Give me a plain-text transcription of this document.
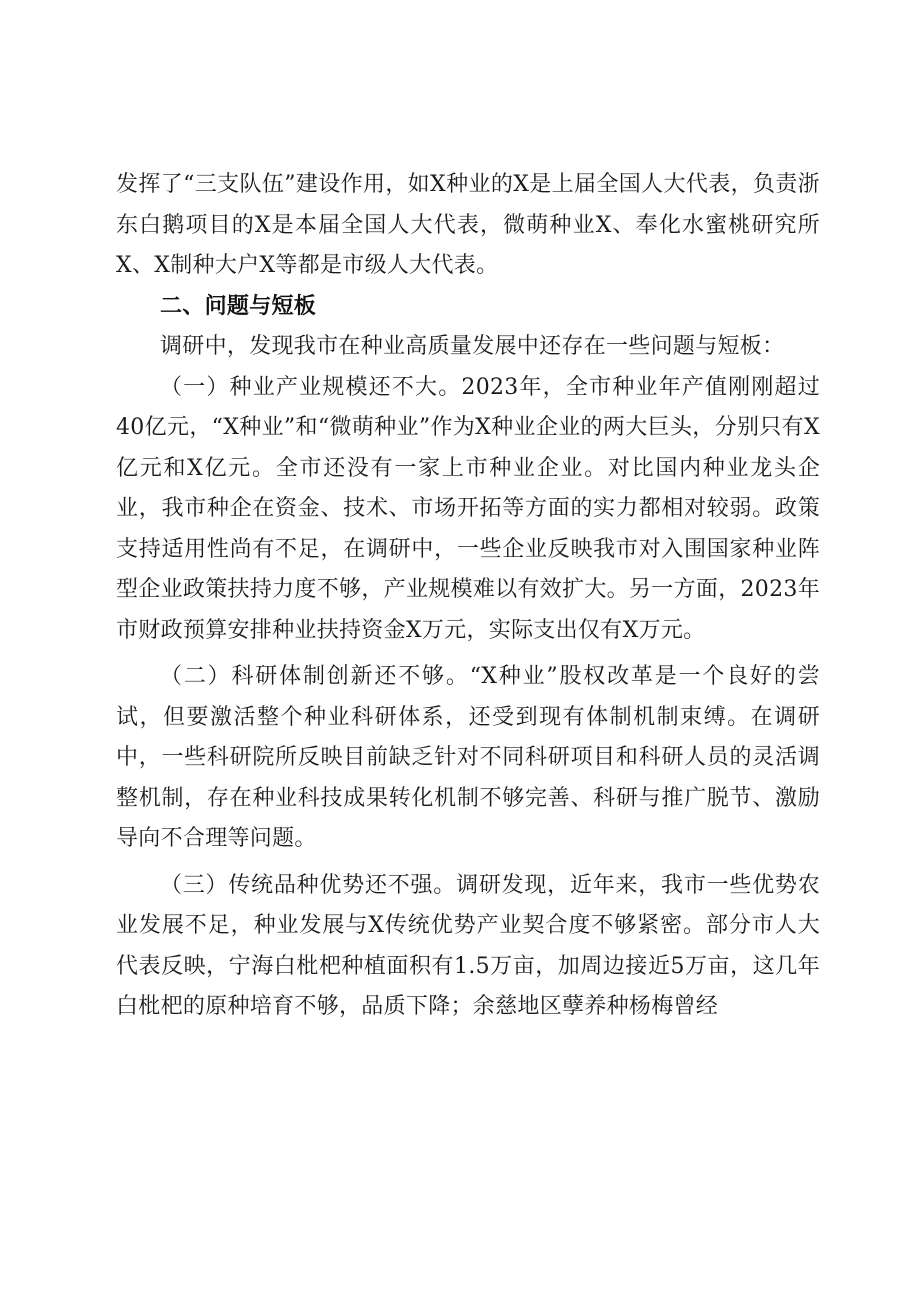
发挥了“三支队伍”建设作用，如X种业的X是上届全国人大代表，负责浙东白鹅项目的X是本届全国人大代表，微萌种业X、奉化水蜜桃研究所X、X制种大户X等都是市级人大代表。

二、问题与短板

调研中，发现我市在种业高质量发展中还存在一些问题与短板：

（一）种业产业规模还不大。2023年，全市种业年产值刚刚超过40亿元，“X种业”和“微萌种业”作为X种业企业的两大巨头，分别只有X亿元和X亿元。全市还没有一家上市种业企业。对比国内种业龙头企业，我市种企在资金、技术、市场开拓等方面的实力都相对较弱。政策支持适用性尚有不足，在调研中，一些企业反映我市对入围国家种业阵型企业政策扶持力度不够，产业规模难以有效扩大。另一方面，2023年市财政预算安排种业扶持资金X万元，实际支出仅有X万元。

（二）科研体制创新还不够。“X种业”股权改革是一个良好的尝试，但要激活整个种业科研体系，还受到现有体制机制束缚。在调研中，一些科研院所反映目前缺乏针对不同科研项目和科研人员的灵活调整机制，存在种业科技成果转化机制不够完善、科研与推广脱节、激励导向不合理等问题。

（三）传统品种优势还不强。调研发现，近年来，我市一些优势农业发展不足，种业发展与X传统优势产业契合度不够紧密。部分市人大代表反映，宁海白枇杷种植面积有1.5万亩，加周边接近5万亩，这几年白枇杷的原种培育不够，品质下降；余慈地区孽养种杨梅曾经
